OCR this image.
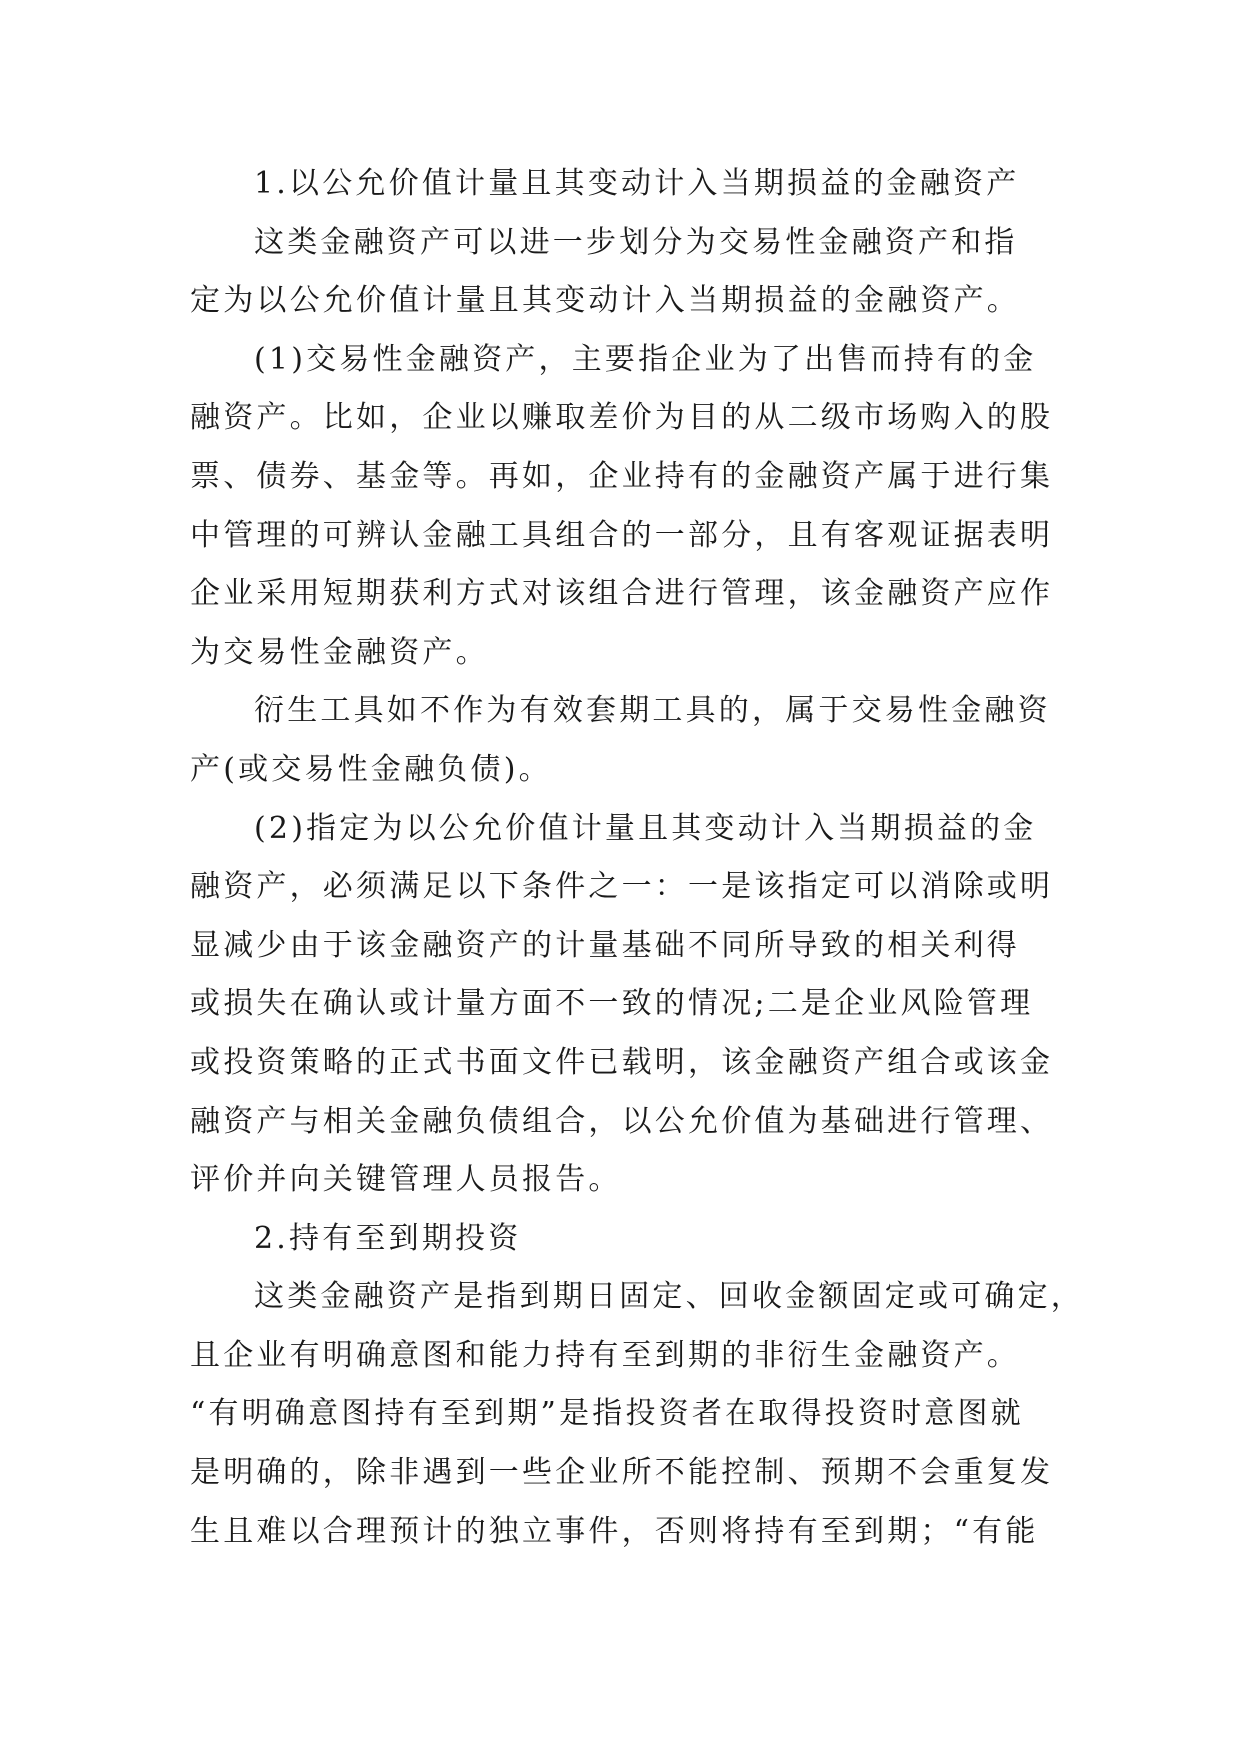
1.以公允价值计量且其变动计入当期损益的金融资产
这类金融资产可以进一步划分为交易性金融资产和指
定为以公允价值计量且其变动计入当期损益的金融资产。
(1)交易性金融资产，主要指企业为了出售而持有的金
融资产。比如，企业以赚取差价为目的从二级市场购入的股
票、债券、基金等。再如，企业持有的金融资产属于进行集
中管理的可辨认金融工具组合的一部分，且有客观证据表明
企业采用短期获利方式对该组合进行管理，该金融资产应作
为交易性金融资产。
衍生工具如不作为有效套期工具的，属于交易性金融资
产(或交易性金融负债)。
(2)指定为以公允价值计量且其变动计入当期损益的金
融资产，必须满足以下条件之一：一是该指定可以消除或明
显减少由于该金融资产的计量基础不同所导致的相关利得
或损失在确认或计量方面不一致的情况;二是企业风险管理
或投资策略的正式书面文件已载明，该金融资产组合或该金
融资产与相关金融负债组合，以公允价值为基础进行管理、
评价并向关键管理人员报告。
2.持有至到期投资
这类金融资产是指到期日固定、回收金额固定或可确定，
且企业有明确意图和能力持有至到期的非衍生金融资产。
“有明确意图持有至到期”是指投资者在取得投资时意图就
是明确的，除非遇到一些企业所不能控制、预期不会重复发
生且难以合理预计的独立事件，否则将持有至到期；“有能
